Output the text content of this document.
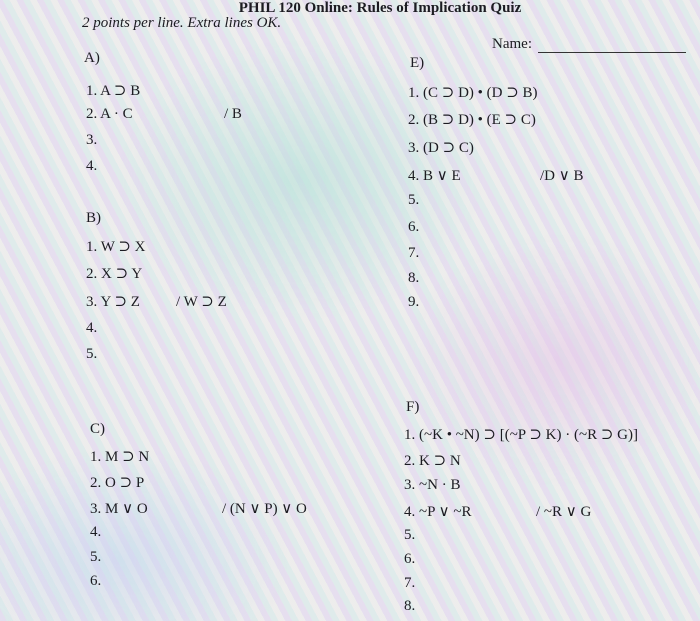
PHIL 120 Online: Rules of Implication Quiz
2 points per line. Extra lines OK.
Name:
A)
1. A ⊃ B
2. A · C
3.
4.
/ B
B)
1. W ⊃ X
2. X ⊃ Y
3. Y ⊃ Z
4.
5.
/ W ⊃ Z
C)
1. M ⊃ N
2. O ⊃ P
3. M ∨ O
4.
5.
6.
/ (N ∨ P) ∨ O
E)
1. (C ⊃ D) • (D ⊃ B)
2. (B ⊃ D) • (E ⊃ C)
3. (D ⊃ C)
4. B ∨ E
5.
6.
7.
8.
9.
/D ∨ B
F)
1. (~K • ~N) ⊃ [(~P ⊃ K) · (~R ⊃ G)]
2. K ⊃ N
3. ~N · B
4. ~P ∨ ~R
5.
6.
7.
8.
/ ~R ∨ G
